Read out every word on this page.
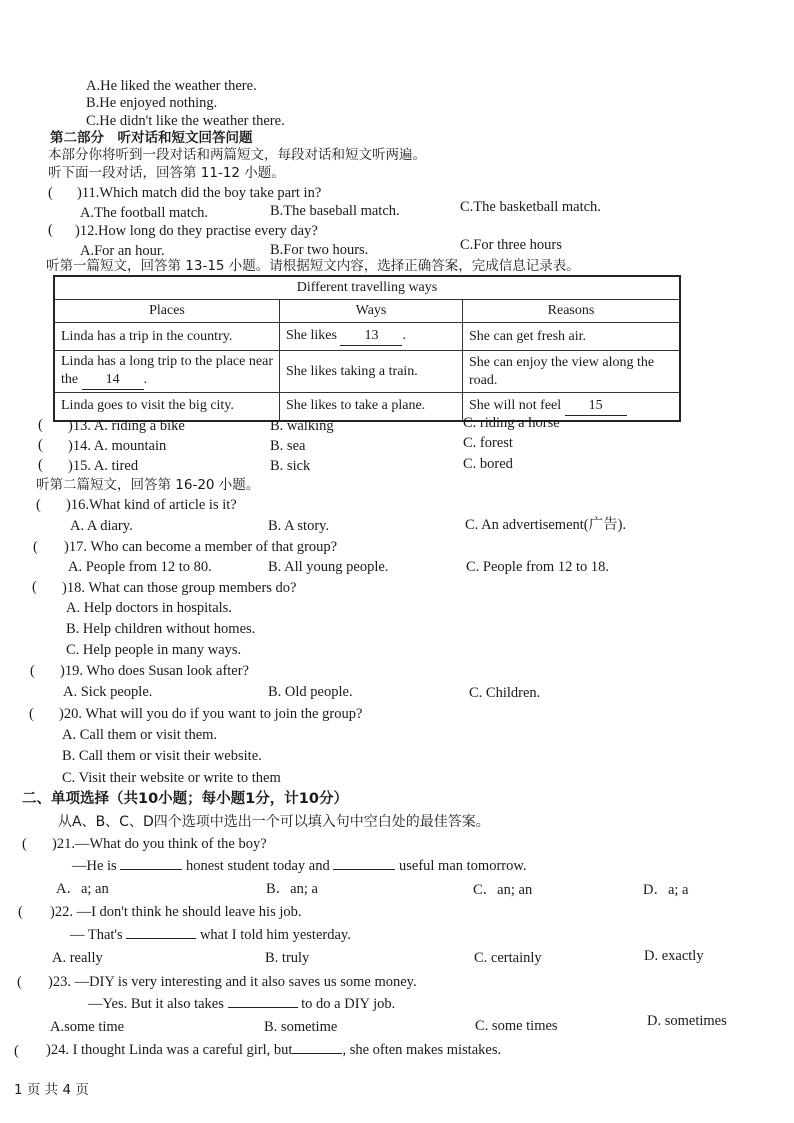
A.He liked the weather there.
B.He enjoyed nothing.
C.He didn't like the weather there.
第二部分　听对话和短文回答问题
本部分你将听到一段对话和两篇短文，每段对话和短文听两遍。
听下面一段对话，回答第 11-12 小题。
( )11.Which match did the boy take part in?
A.The football match.	B.The baseball match.	C.The basketball match.
( )12.How long do they practise every day?
A.For an hour.	B.For two hours.	C.For three hours
听第一篇短文，回答第 13-15 小题。请根据短文内容，选择正确答案，完成信息记录表。
Different travelling ways		
Places	Ways	Reasons
Linda has a trip in the country.	She likes 13 .	She can get fresh air.
Linda has a long trip to the place near the 14 .	She likes taking a train.	She can enjoy the view along the road.
Linda goes to visit the big city.	She likes to take a plane.	She will not feel 15
( )13. A. riding a bike	B. walking	C. riding a horse
( )14. A. mountain	B. sea	C. forest
( )15. A. tired	B. sick	C. bored
听第二篇短文，回答第 16-20 小题。
( )16.What kind of article is it?
A. A diary.	B. A story.	C. An advertisement(广告).
( )17. Who can become a member of that group?
A. People from 12 to 80.	B. All young people.	C. People from 12 to 18.
( )18. What can those group members do?
A. Help doctors in hospitals.
B. Help children without homes.
C. Help people in many ways.
( )19. Who does Susan look after?
A. Sick people.	B. Old people.	C. Children.
( )20. What will you do if you want to join the group?
A. Call them or visit them.
B. Call them or visit their website.
C. Visit their website or write to them
二、单项选择（共10小题；每小题1分，计10分）
从A、B、C、D四个选项中选出一个可以填入句中空白处的最佳答案。
( )21.—What do you think of the boy?
—He is	honest student today and	useful man tomorrow.
A．a; an	B．an; a	C．an; an	D．a; a
( )22. —I don't think he should leave his job.
— That's	what I told him yesterday.
A. really	B. truly	C. certainly	D. exactly
( )23. —DIY is very interesting and it also saves us some money.
—Yes. But it also takes	to do a DIY job.
A.some time	B. sometime	C. some times	D. sometimes
( )24. I thought Linda was a careful girl, but	, she often makes mistakes.
1 页 共 4 页
